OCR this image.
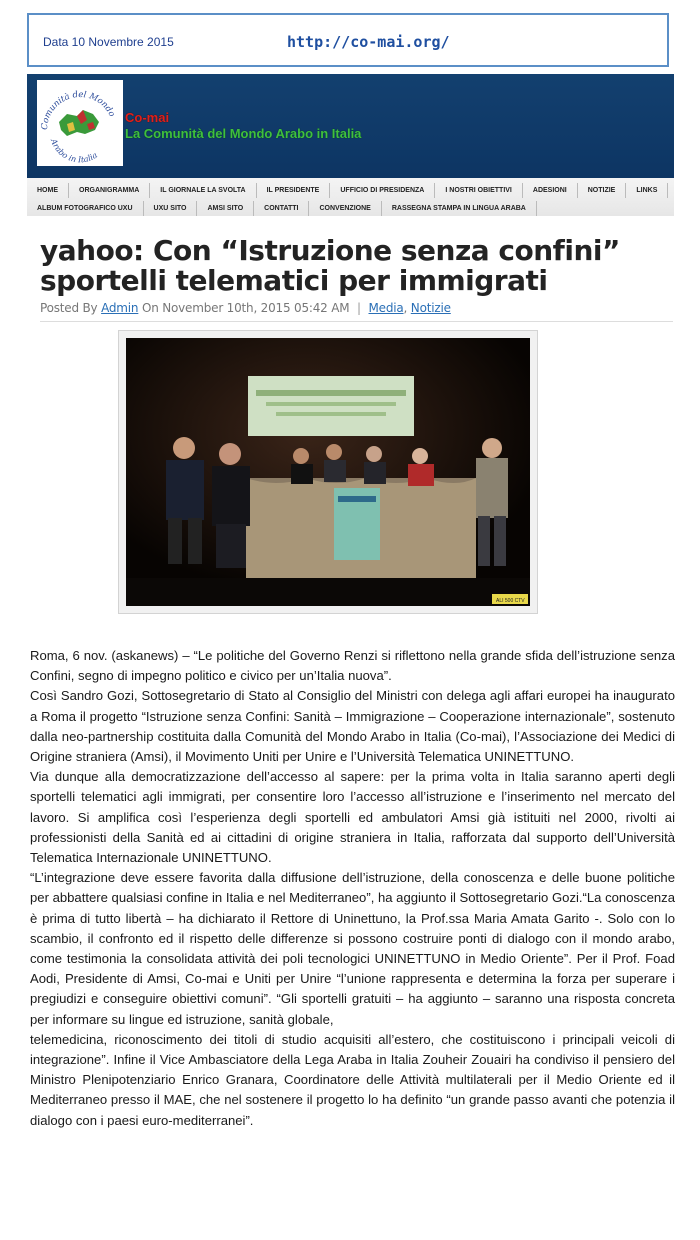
Data 10 Novembre 2015	http://co-mai.org/
Comunità del Mondo
Arabo in Italia
Co-mai
La Comunità del Mondo Arabo in Italia
HOME	ORGANIGRAMMA	IL GIORNALE LA SVOLTA	IL PRESIDENTE	UFFICIO DI PRESIDENZA	I NOSTRI OBIETTIVI	ADESIONI	NOTIZIE	LINKS
ALBUM FOTOGRAFICO UXU	UXU SITO	AMSI SITO	CONTATTI	CONVENZIONE	RASSEGNA STAMPA IN LINGUA ARABA
yahoo: Con “Istruzione senza confini”
sportelli telematici per immigrati
Posted By Admin On November 10th, 2015 05:42 AM | Media, Notizie
ALI 500 CTV

Roma, 6 nov. (askanews) – “Le politiche del Governo Renzi si riflettono nella grande sfida dell’istruzione senza Confini, segno di impegno politico e civico per un’Italia nuova”.

Così Sandro Gozi, Sottosegretario di Stato al Consiglio del Ministri con delega agli affari europei ha inaugurato a Roma il progetto “Istruzione senza Confini: Sanità – Immigrazione – Cooperazione internazionale”, sostenuto dalla neo-partnership costituita dalla Comunità del Mondo Arabo in Italia (Co-mai), l’Associazione dei Medici di Origine straniera (Amsi), il Movimento Uniti per Unire e l’Università Telematica UNINETTUNO.

Via dunque alla democratizzazione dell’accesso al sapere: per la prima volta in Italia saranno aperti degli sportelli telematici agli immigrati, per consentire loro l’accesso all’istruzione e l’inserimento nel mercato del lavoro. Si amplifica così l’esperienza degli sportelli ed ambulatori Amsi già istituiti nel 2000, rivolti ai professionisti della Sanità ed ai cittadini di origine straniera in Italia, rafforzata dal supporto dell’Università Telematica Internazionale UNINETTUNO.

“L’integrazione deve essere favorita dalla diffusione dell’istruzione, della conoscenza e delle buone politiche per abbattere qualsiasi confine in Italia e nel Mediterraneo”, ha aggiunto il Sottosegretario Gozi.“La conoscenza è prima di tutto libertà – ha dichiarato il Rettore di Uninettuno, la Prof.ssa Maria Amata Garito -. Solo con lo scambio, il confronto ed il rispetto delle differenze si possono costruire ponti di dialogo con il mondo arabo, come testimonia la consolidata attività dei poli tecnologici UNINETTUNO in Medio Oriente”. Per il Prof. Foad Aodi, Presidente di Amsi, Co-mai e Uniti per Unire “l’unione rappresenta e determina la forza per superare i pregiudizi e conseguire obiettivi comuni”. “Gli sportelli gratuiti – ha aggiunto – saranno una risposta concreta per informare su lingue ed istruzione, sanità globale,

telemedicina, riconoscimento dei titoli di studio acquisiti all’estero, che costituiscono i principali veicoli di integrazione”. Infine il Vice Ambasciatore della Lega Araba in Italia Zouheir Zouairi ha condiviso il pensiero del Ministro Plenipotenziario Enrico Granara, Coordinatore delle Attività multilaterali per il Medio Oriente ed il Mediterraneo presso il MAE, che nel sostenere il progetto lo ha definito “un grande passo avanti che potenzia il dialogo con i paesi euro-mediterranei”.
